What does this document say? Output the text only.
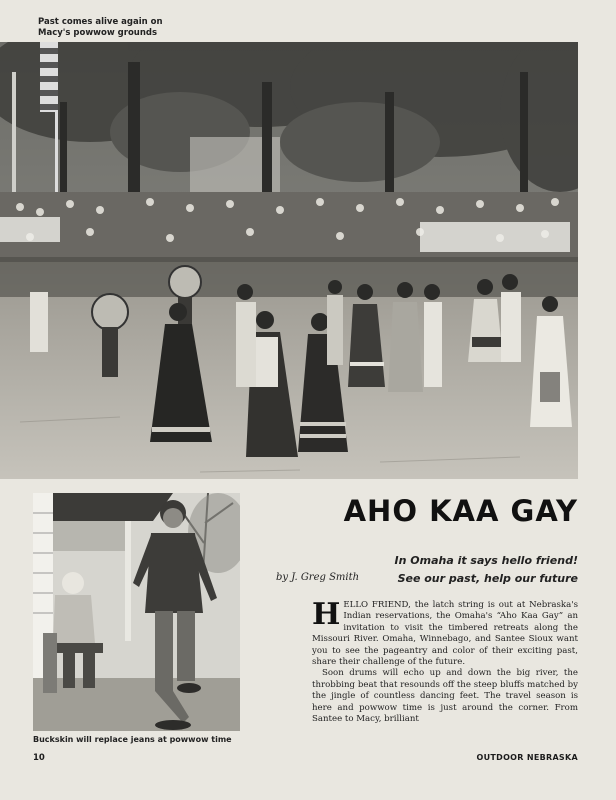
Past comes alive again on
Macy's powwow grounds
AHO KAA GAY
In Omaha it says hello friend!
See our past, help our future
by J. Greg Smith
Buckskin will replace jeans at powwow time

HELLO FRIEND, the latch string is out at Nebraska's Indian reservations, the Omaha's “Aho Kaa Gay” an invitation to visit the timbered retreats along the Missouri River. Omaha, Winnebago, and Santee Sioux want you to see the pageantry and color of their exciting past, share their challenge of the future.

Soon drums will echo up and down the big river, the throbbing beat that resounds off the steep bluffs matched by the jingle of countless dancing feet. The travel season is here and powwow time is just around the corner. From Santee to Macy, brilliant

10	OUTDOOR NEBRASKA
